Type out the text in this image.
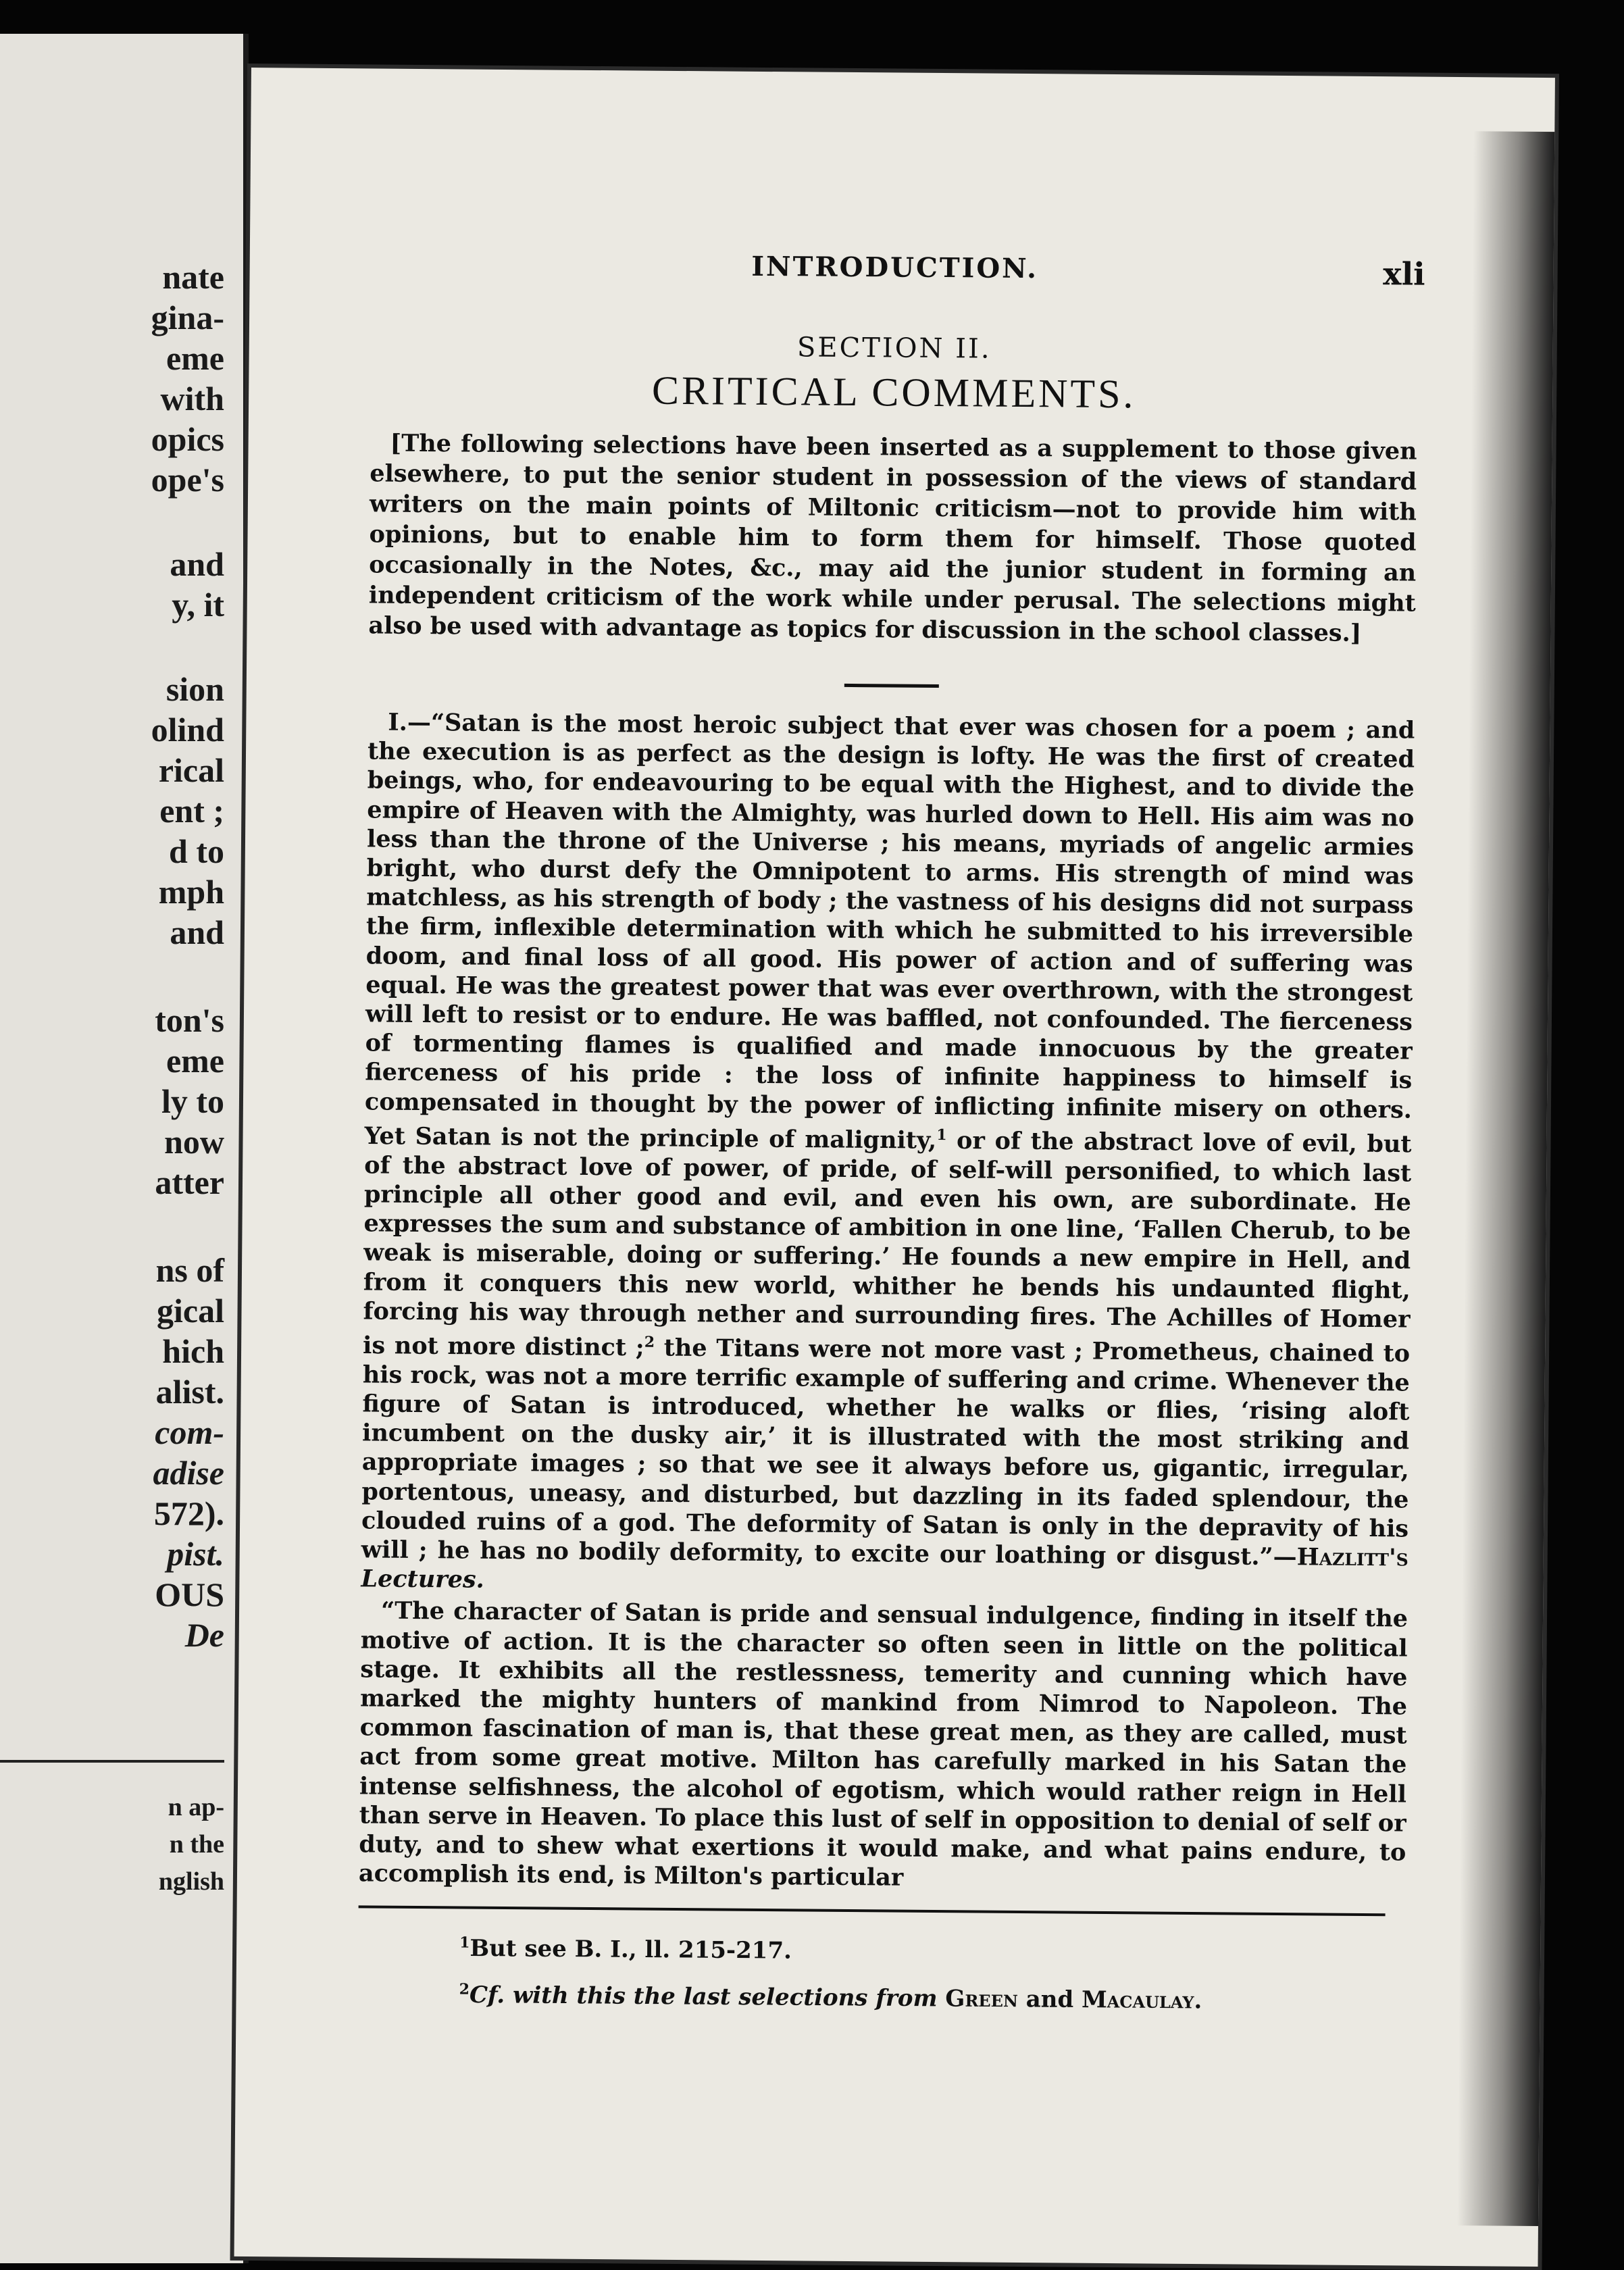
nate
gina-
eme
with
opics
ope's
and
y, it
sion
olind
rical
ent ;
d to
mph
and
ton's
eme
ly to
now
atter
ns of
gical
hich
alist.
com-
adise
572).
pist.
OUS
De
n ap-
n the
nglish
INTRODUCTION.	xli
SECTION II.
CRITICAL COMMENTS.
[The following selections have been inserted as a supplement to those given elsewhere, to put the senior student in possession of the views of standard writers on the main points of Miltonic criticism—not to provide him with opinions, but to enable him to form them for himself. Those quoted occasionally in the Notes, &c., may aid the junior student in forming an independent criticism of the work while under perusal. The selections might also be used with advantage as topics for discussion in the school classes.]

I.—“Satan is the most heroic subject that ever was chosen for a poem ; and the execution is as perfect as the design is lofty. He was the first of created beings, who, for endeavouring to be equal with the Highest, and to divide the empire of Heaven with the Almighty, was hurled down to Hell. His aim was no less than the throne of the Universe ; his means, myriads of angelic armies bright, who durst defy the Omnipotent to arms. His strength of mind was matchless, as his strength of body ; the vastness of his designs did not surpass the firm, inflexible determination with which he submitted to his irreversible doom, and final loss of all good. His power of action and of suffering was equal. He was the greatest power that was ever overthrown, with the strongest will left to resist or to endure. He was baffled, not confounded. The fierceness of tormenting flames is qualified and made innocuous by the greater fierceness of his pride : the loss of infinite happiness to himself is compensated in thought by the power of inflicting infinite misery on others. Yet Satan is not the principle of malignity,$^1$ or of the abstract love of evil, but of the abstract love of power, of pride, of self-will personified, to which last principle all other good and evil, and even his own, are subordinate. He expresses the sum and substance of ambition in one line, ‘Fallen Cherub, to be weak is miserable, doing or suffering.’ He founds a new empire in Hell, and from it conquers this new world, whither he bends his undaunted flight, forcing his way through nether and surrounding fires. The Achilles of Homer is not more distinct ;$^2$ the Titans were not more vast ; Prometheus, chained to his rock, was not a more terrific example of suffering and crime. Whenever the figure of Satan is introduced, whether he walks or flies, ‘rising aloft incumbent on the dusky air,’ it is illustrated with the most striking and appropriate images ; so that we see it always before us, gigantic, irregular, portentous, uneasy, and disturbed, but dazzling in its faded splendour, the clouded ruins of a god. The deformity of Satan is only in the depravity of his will ; he has no bodily deformity, to excite our loathing or disgust.”—Hazlitt's Lectures.

“The character of Satan is pride and sensual indulgence, finding in itself the motive of action. It is the character so often seen in little on the political stage. It exhibits all the restlessness, temerity and cunning which have marked the mighty hunters of mankind from Nimrod to Napoleon. The common fascination of man is, that these great men, as they are called, must act from some great motive. Milton has carefully marked in his Satan the intense selfishness, the alcohol of egotism, which would rather reign in Hell than serve in Heaven. To place this lust of self in opposition to denial of self or duty, and to shew what exertions it would make, and what pains endure, to accomplish its end, is Milton's particular

$^1$But see B. I., ll. 215-217.
$^2$Cf. with this the last selections from Green and Macaulay.
